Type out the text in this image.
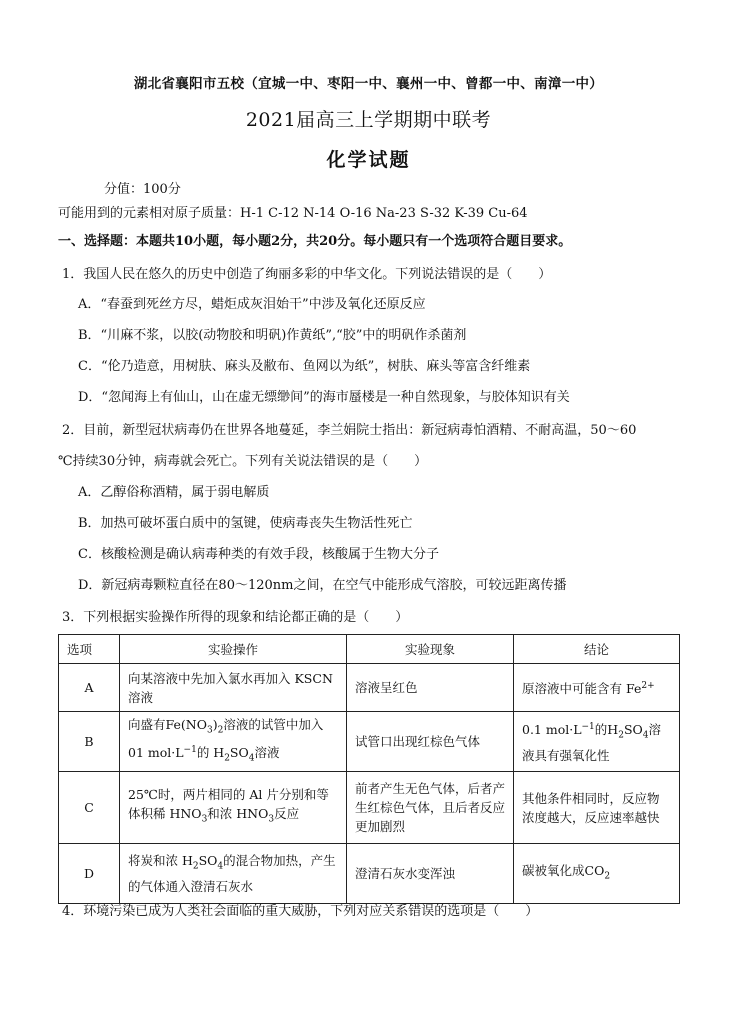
湖北省襄阳市五校（宜城一中、枣阳一中、襄州一中、曾都一中、南漳一中）
2021届高三上学期期中联考
化学试题
分值：100分
可能用到的元素相对原子质量：H-1 C-12 N-14 O-16 Na-23 S-32 K-39 Cu-64
一、选择题：本题共10小题，每小题2分，共20分。每小题只有一个选项符合题目要求。
1．我国人民在悠久的历史中创造了绚丽多彩的中华文化。下列说法错误的是（　　）
A．“春蚕到死丝方尽，蜡炬成灰泪始干”中涉及氧化还原反应
B．“川麻不浆，以胶(动物胶和明矾)作黄纸”,“胶”中的明矾作杀菌剂
C．“伦乃造意，用树肤、麻头及敝布、鱼网以为纸”，树肤、麻头等富含纤维素
D．“忽闻海上有仙山，山在虚无缥缈间”的海市蜃楼是一种自然现象，与胶体知识有关
2．目前，新型冠状病毒仍在世界各地蔓延，李兰娟院士指出：新冠病毒怕酒精、不耐高温，50～60
℃持续30分钟，病毒就会死亡。下列有关说法错误的是（　　）
A．乙醇俗称酒精，属于弱电解质
B．加热可破坏蛋白质中的氢键，使病毒丧失生物活性死亡
C．核酸检测是确认病毒种类的有效手段，核酸属于生物大分子
D．新冠病毒颗粒直径在80～120nm之间，在空气中能形成气溶胶，可较远距离传播
3．下列根据实验操作所得的现象和结论都正确的是（　　）
选项	实验操作	实验现象	结论
A	向某溶液中先加入氯水再加入 KSCN 溶液	溶液呈红色	原溶液中可能含有 $Fe^{2+}$
B	向盛有$Fe(NO_3)_2$溶液的试管中加入01 $mol\cdot L^{-1}$的 $H_2SO_4$溶液	试管口出现红棕色气体	0.1 $mol\cdot L^{-1}$的$H_2SO_4$溶液具有强氧化性
C	25℃时，两片相同的 Al 片分别和等体积稀 $HNO_3$和浓 $HNO_3$反应	前者产生无色气体，后者产生红棕色气体，且后者反应更加剧烈	其他条件相同时，反应物浓度越大，反应速率越快
D	将炭和浓 $H_2SO_4$的混合物加热，产生的气体通入澄清石灰水	澄清石灰水变浑浊	碳被氧化成$CO_2$
4．环境污染已成为人类社会面临的重大威胁，下列对应关系错误的选项是（　　）
